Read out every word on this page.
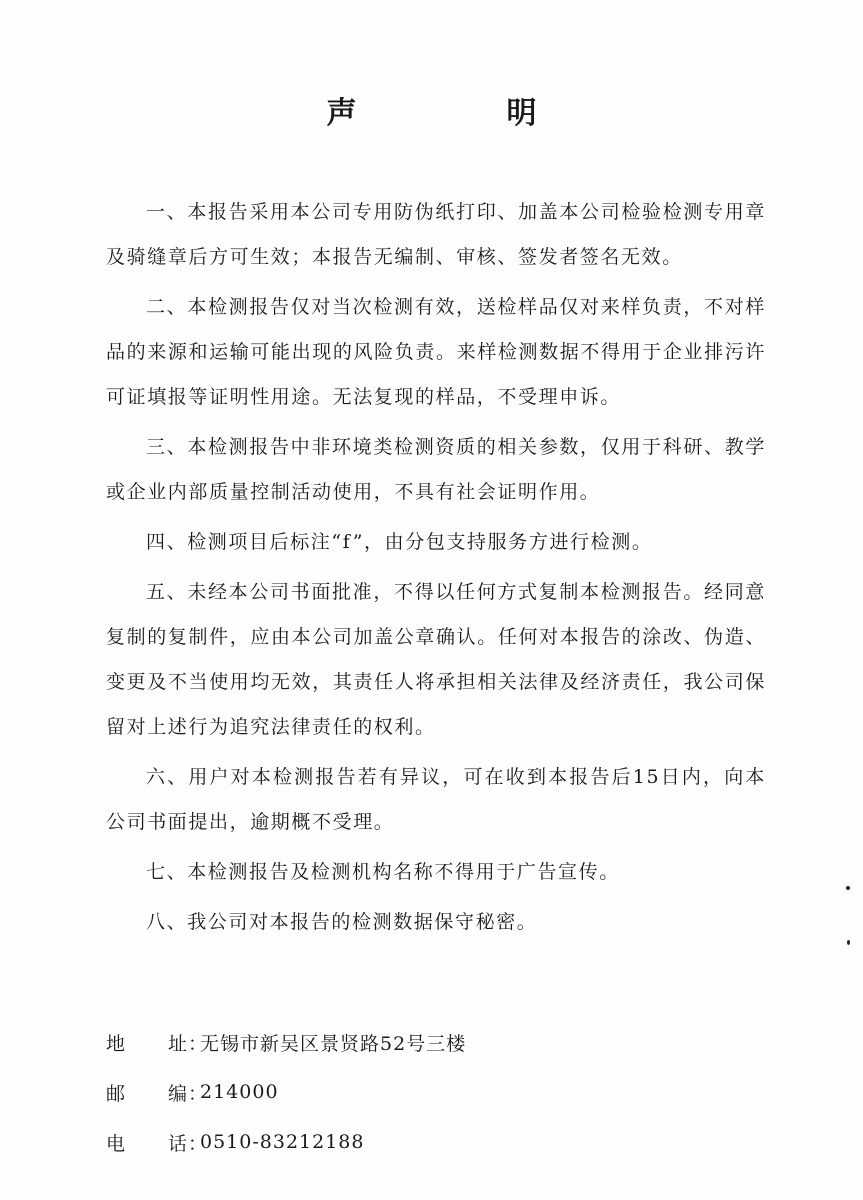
声	明

一、本报告采用本公司专用防伪纸打印、加盖本公司检验检测专用章及骑缝章后方可生效；本报告无编制、审核、签发者签名无效。

二、本检测报告仅对当次检测有效，送检样品仅对来样负责，不对样品的来源和运输可能出现的风险负责。来样检测数据不得用于企业排污许可证填报等证明性用途。无法复现的样品，不受理申诉。

三、本检测报告中非环境类检测资质的相关参数，仅用于科研、教学或企业内部质量控制活动使用，不具有社会证明作用。

四、检测项目后标注“f”，由分包支持服务方进行检测。

五、未经本公司书面批准，不得以任何方式复制本检测报告。经同意复制的复制件，应由本公司加盖公章确认。任何对本报告的涂改、伪造、变更及不当使用均无效，其责任人将承担相关法律及经济责任，我公司保留对上述行为追究法律责任的权利。

六、用户对本检测报告若有异议，可在收到本报告后15日内，向本公司书面提出，逾期概不受理。

七、本检测报告及检测机构名称不得用于广告宣传。

八、我公司对本报告的检测数据保守秘密。

地	址：
无锡市新吴区景贤路52号三楼
邮	编：
214000
电	话：
0510-83212188
